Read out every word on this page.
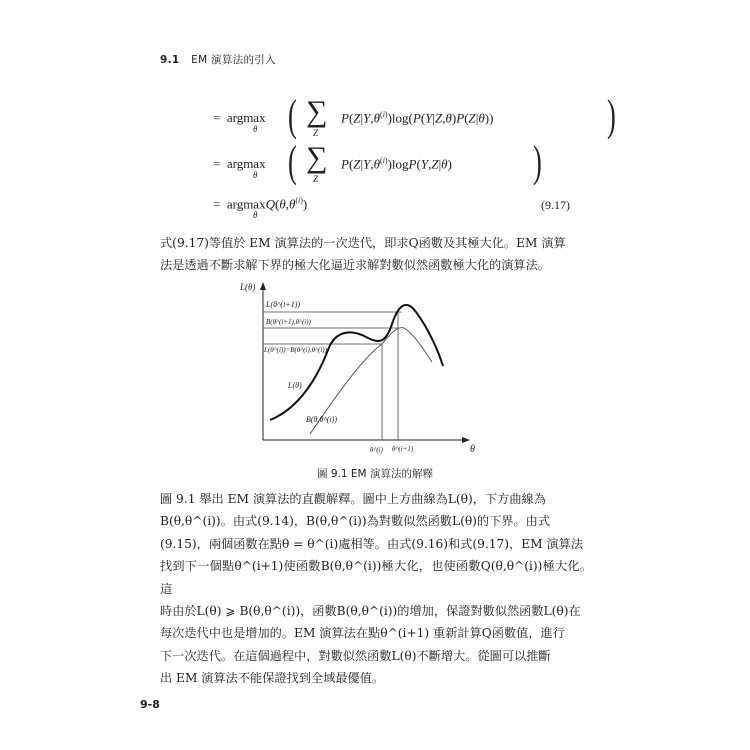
9.1 EM 演算法的引入
=  argmax
θ ( ∑
Z
$P(Z|Y,\theta^{(i)})\log(P(Y|Z,\theta)P(Z|\theta))$	)
=  argmax
θ ( ∑
Z
$P(Z|Y,\theta^{(i)})\log P(Y,Z|\theta)$ )
=  $argmaxQ(\theta,\theta^{(i)})$
θ
(9.17)

式(9.17)等值於 EM 演算法的一次迭代，即求Q函數及其極大化。EM 演算

法是透過不斷求解下界的極大化逼近求解對數似然函數極大化的演算法。

L(θ)
θ
L(θ^(i+1))
B(θ^(i+1),θ^(i))
L(θ^(i))=B(θ^(i),θ^(i))
L(θ)
B(θ,θ^(i))
θ^(i) θ^(i+1)
圖 9.1 EM 演算法的解釋

圖 9.1 舉出 EM 演算法的直觀解釋。圖中上方曲線為L(θ)，下方曲線為

B(θ,θ^(i))。由式(9.14)，B(θ,θ^(i))為對數似然函數L(θ)的下界。由式

(9.15)，兩個函數在點θ = θ^(i)處相等。由式(9.16)和式(9.17)，EM 演算法

找到下一個點θ^(i+1)使函數B(θ,θ^(i))極大化，也使函數Q(θ,θ^(i))極大化。這

時由於L(θ) ⩾ B(θ,θ^(i))，函數B(θ,θ^(i))的增加，保證對數似然函數L(θ)在

每次迭代中也是增加的。EM 演算法在點θ^(i+1) 重新計算Q函數值，進行

下一次迭代。在這個過程中，對數似然函數L(θ)不斷增大。從圖可以推斷

出 EM 演算法不能保證找到全域最優值。

9-8
